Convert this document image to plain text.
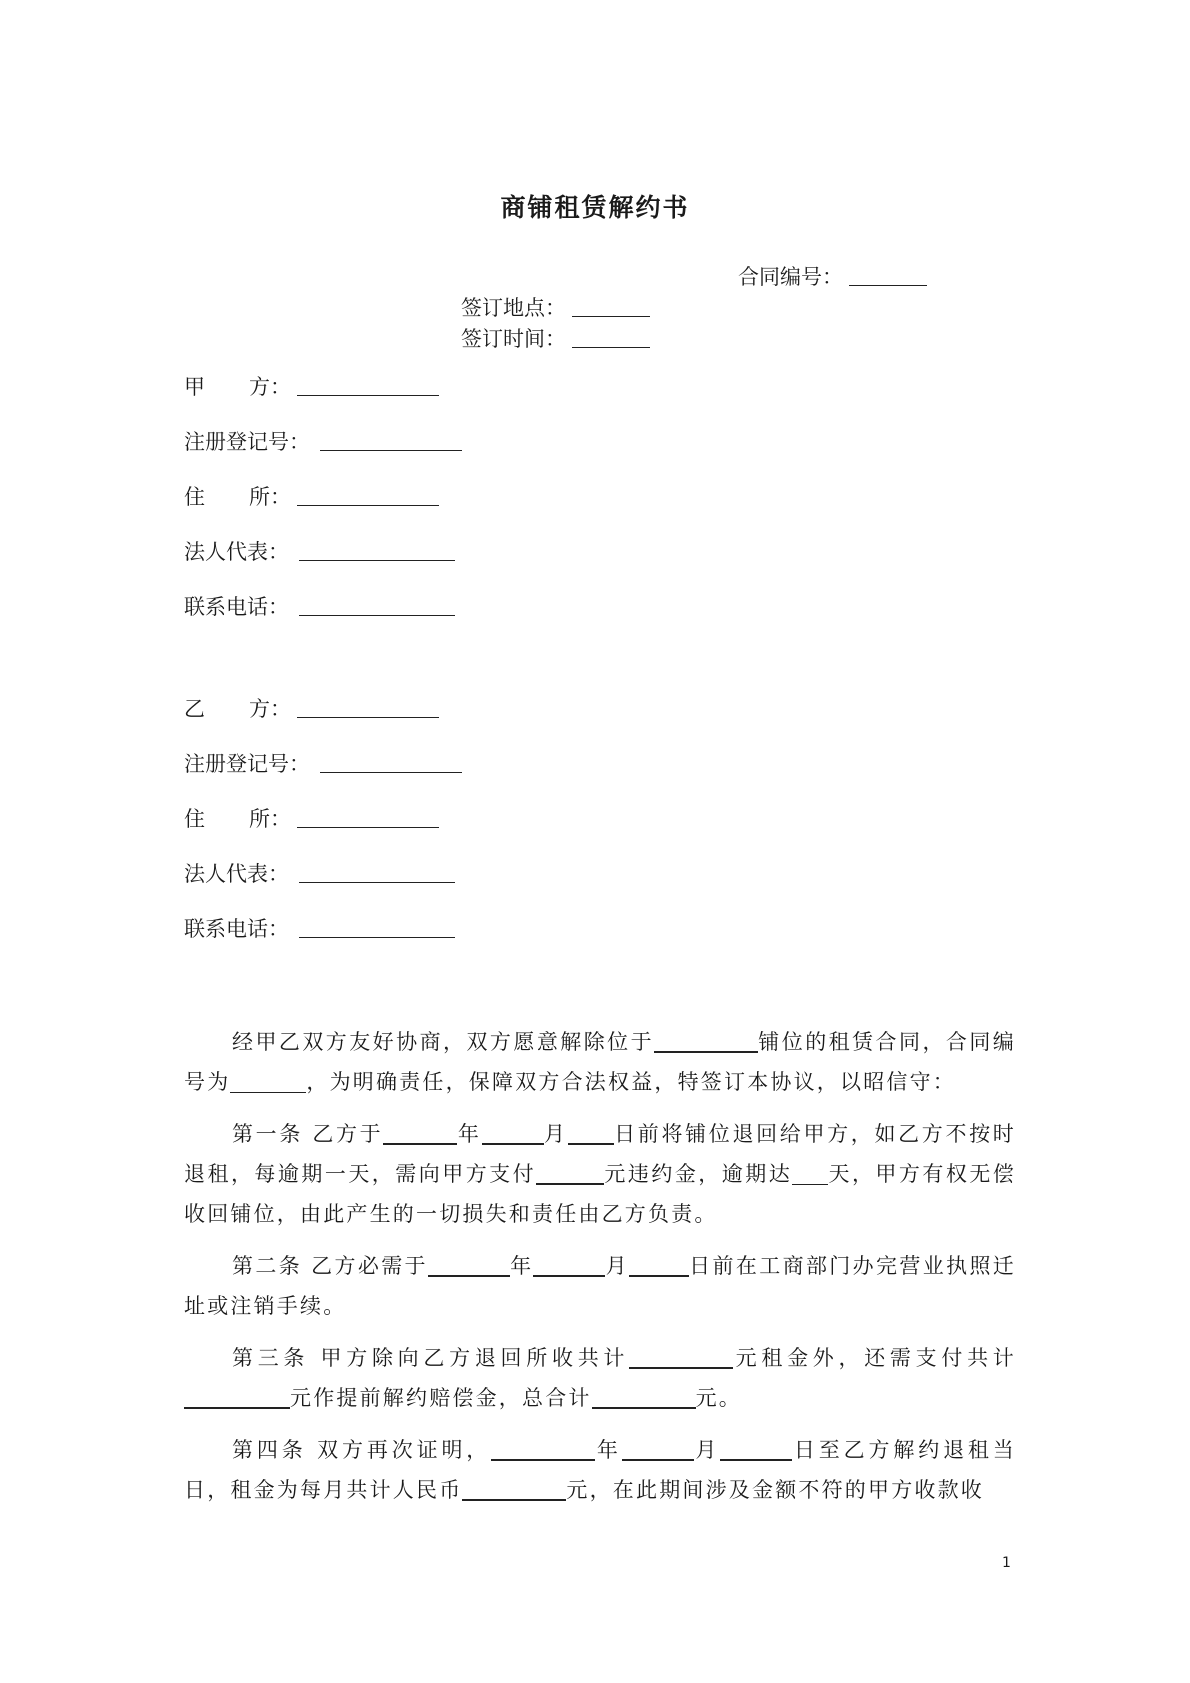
商铺租赁解约书
合同编号：
签订地点：
签订时间：
甲 方：
注册登记号：
住 所：
法人代表：
联系电话：
乙 方：
注册登记号：
住 所：
法人代表：
联系电话：

经甲乙双方友好协商，双方愿意解除位于	铺位的租赁合同，合同编号为	，为明确责任，保障双方合法权益，特签订本协议，以昭信守：

第一条 乙方于	年	月 日前将铺位退回给甲方，如乙方不按时退租，每逾期一天，需向甲方支付	元违约金，逾期达 天，甲方有权无偿收回铺位，由此产生的一切损失和责任由乙方负责。

第二条 乙方必需于	年	月	日前在工商部门办完营业执照迁址或注销手续。

第三条 甲方除向乙方退回所收共计	元租金外，还需支付共计元作提前解约赔偿金，总合计	元。

第四条 双方再次证明，	年	月	日至乙方解约退租当日，租金为每月共计人民币	元，在此期间涉及金额不符的甲方收款收

1
